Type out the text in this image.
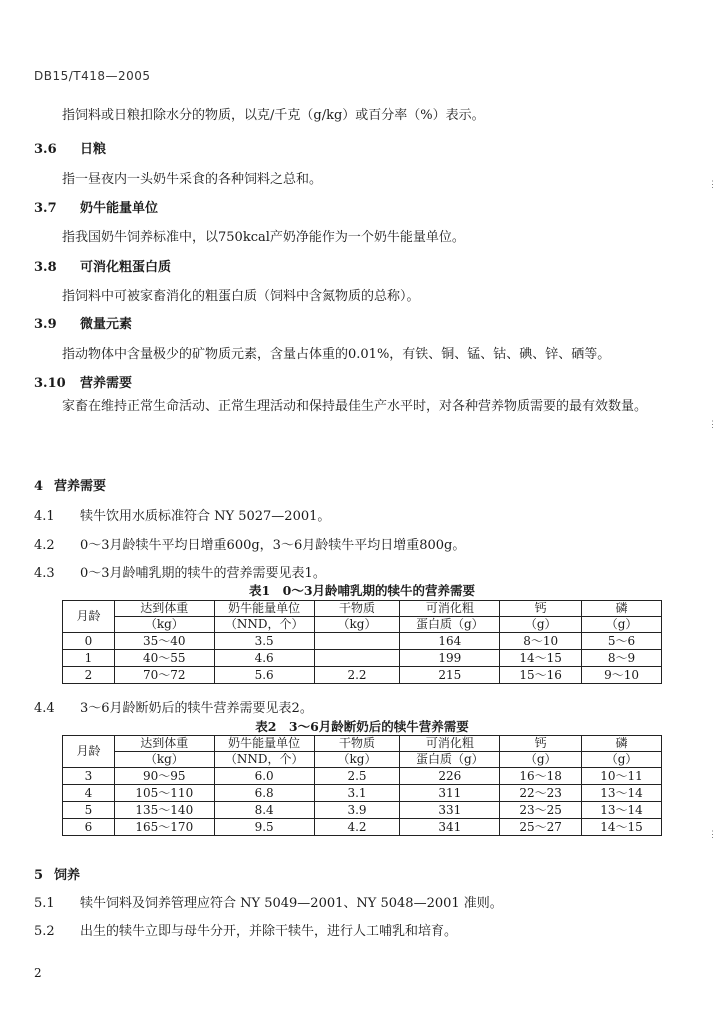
DB15/T418—2005
指饲料或日粮扣除水分的物质，以克/千克（g/kg）或百分率（%）表示。
3.6 日粮
指一昼夜内一头奶牛采食的各种饲料之总和。
3.7 奶牛能量单位
指我国奶牛饲养标准中，以750kcal产奶净能作为一个奶牛能量单位。
3.8 可消化粗蛋白质
指饲料中可被家畜消化的粗蛋白质（饲料中含氮物质的总称）。
3.9 微量元素
指动物体中含量极少的矿物质元素，含量占体重的0.01%，有铁、铜、锰、钴、碘、锌、硒等。
3.10 营养需要
家畜在维持正常生命活动、正常生理活动和保持最佳生产水平时，对各种营养物质需要的最有效数量。
4 营养需要
4.1 犊牛饮用水质标准符合 NY 5027—2001。
4.2 0～3月龄犊牛平均日增重600g，3～6月龄犊牛平均日增重800g。
4.3 0～3月龄哺乳期的犊牛的营养需要见表1。
表1　0～3月龄哺乳期的犊牛的营养需要
月龄	达到体重	奶牛能量单位	干物质	可消化粗	钙	磷
	（kg）	（NND，个）	（kg）	蛋白质（g）	（g）	（g）
0	35～40	3.5		164	8～10	5～6
1	40～55	4.6		199	14～15	8～9
2	70～72	5.6	2.2	215	15～16	9～10
4.4 3～6月龄断奶后的犊牛营养需要见表2。
表2　3～6月龄断奶后的犊牛营养需要
月龄	达到体重	奶牛能量单位	干物质	可消化粗	钙	磷
	（kg）	（NND，个）	（kg）	蛋白质（g）	（g）	（g）
3	90～95	6.0	2.5	226	16～18	10～11
4	105～110	6.8	3.1	311	22～23	13～14
5	135～140	8.4	3.9	331	23～25	13～14
6	165～170	9.5	4.2	341	25～27	14～15
5 饲养
5.1 犊牛饲料及饲养管理应符合 NY 5049—2001、NY 5048—2001 准则。
5.2 出生的犊牛立即与母牛分开，并除干犊牛，进行人工哺乳和培育。
2
⋮
⋮
⋮
